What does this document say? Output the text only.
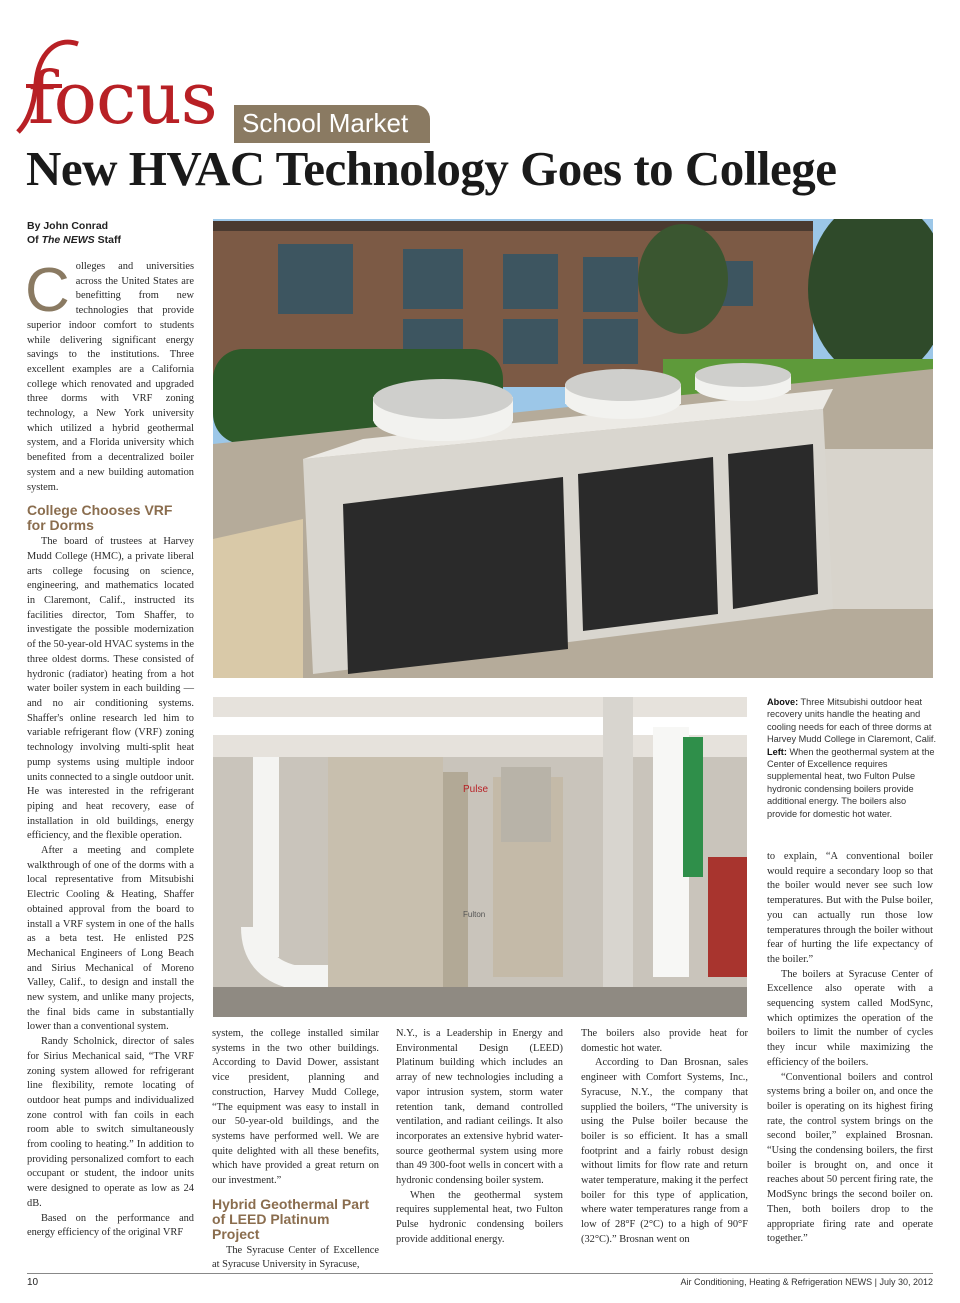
focus School Market
New HVAC Technology Goes to College
By John Conrad
Of The NEWS Staff

Colleges and universities across the United States are benefitting from new technologies that provide superior indoor comfort to students while delivering significant energy savings to the institutions. Three excellent examples are a California college which renovated and upgraded three dorms with VRF zoning technology, a New York university which utilized a hybrid geothermal system, and a Florida university which benefited from a decentralized boiler system and a new building automation system.

College Chooses VRF for Dorms

The board of trustees at Harvey Mudd College (HMC), a private liberal arts college focusing on science, engineering, and mathematics located in Claremont, Calif., instructed its facilities director, Tom Shaffer, to investigate the possible modernization of the 50-year-old HVAC systems in the three oldest dorms. These consisted of hydronic (radiator) heating from a hot water boiler system in each building — and no air conditioning systems. Shaffer's online research led him to variable refrigerant flow (VRF) zoning technology involving multi-split heat pump systems using multiple indoor units connected to a single outdoor unit. He was interested in the refrigerant piping and heat recovery, ease of installation in old buildings, energy efficiency, and the flexible operation.

After a meeting and complete walkthrough of one of the dorms with a local representative from Mitsubishi Electric Cooling & Heating, Shaffer obtained approval from the board to install a VRF system in one of the halls as a beta test. He enlisted P2S Mechanical Engineers of Long Beach and Sirius Mechanical of Moreno Valley, Calif., to design and install the new system, and unlike many projects, the final bids came in substantially lower than a conventional system.

Randy Scholnick, director of sales for Sirius Mechanical said, “The VRF zoning system allowed for refrigerant line flexibility, remote locating of outdoor heat pumps and individualized zone control with fan coils in each room able to switch simultaneously from cooling to heating.” In addition to providing personalized comfort to each occupant or student, the indoor units were designed to operate as low as 24 dB.

Based on the performance and energy efficiency of the original VRF

Pulse
Fulton
Above: Three Mitsubishi outdoor heat recovery units handle the heating and cooling needs for each of three dorms at Harvey Mudd College in Claremont, Calif. Left: When the geothermal system at the Center of Excellence requires supplemental heat, two Fulton Pulse hydronic condensing boilers provide additional energy. The boilers also provide for domestic hot water.

system, the college installed similar systems in the two other buildings. According to David Dower, assistant vice president, planning and construction, Harvey Mudd College, “The equipment was easy to install in our 50-year-old buildings, and the systems have performed well. We are quite delighted with all these benefits, which have provided a great return on our investment.”

Hybrid Geothermal Part of LEED Platinum Project

The Syracuse Center of Excellence at Syracuse University in Syracuse,

N.Y., is a Leadership in Energy and Environmental Design (LEED) Platinum building which includes an array of new technologies including a vapor intrusion system, storm water retention tank, demand controlled ventilation, and radiant ceilings. It also incorporates an extensive hybrid water-source geothermal system using more than 49 300-foot wells in concert with a hydronic condensing boiler system.

When the geothermal system requires supplemental heat, two Fulton Pulse hydronic condensing boilers provide additional energy.

The boilers also provide heat for domestic hot water.

According to Dan Brosnan, sales engineer with Comfort Systems, Inc., Syracuse, N.Y., the company that supplied the boilers, “The university is using the Pulse boiler because the boiler is so efficient. It has a small footprint and a fairly robust design without limits for flow rate and return water temperature, making it the perfect boiler for this type of application, where water temperatures range from a low of 28°F (2°C) to a high of 90°F (32°C).” Brosnan went on

to explain, “A conventional boiler would require a secondary loop so that the boiler would never see such low temperatures. But with the Pulse boiler, you can actually run those low temperatures through the boiler without fear of hurting the life expectancy of the boiler.”

The boilers at Syracuse Center of Excellence also operate with a sequencing system called ModSync, which optimizes the operation of the boilers to limit the number of cycles they incur while maximizing the efficiency of the boilers.

“Conventional boilers and control systems bring a boiler on, and once the boiler is operating on its highest firing rate, the control system brings on the second boiler,” explained Brosnan. “Using the condensing boilers, the first boiler is brought on, and once it reaches about 50 percent firing rate, the ModSync brings the second boiler on. Then, both boilers drop to the appropriate firing rate and operate together.”

10	Air Conditioning, Heating & Refrigeration NEWS | July 30, 2012
